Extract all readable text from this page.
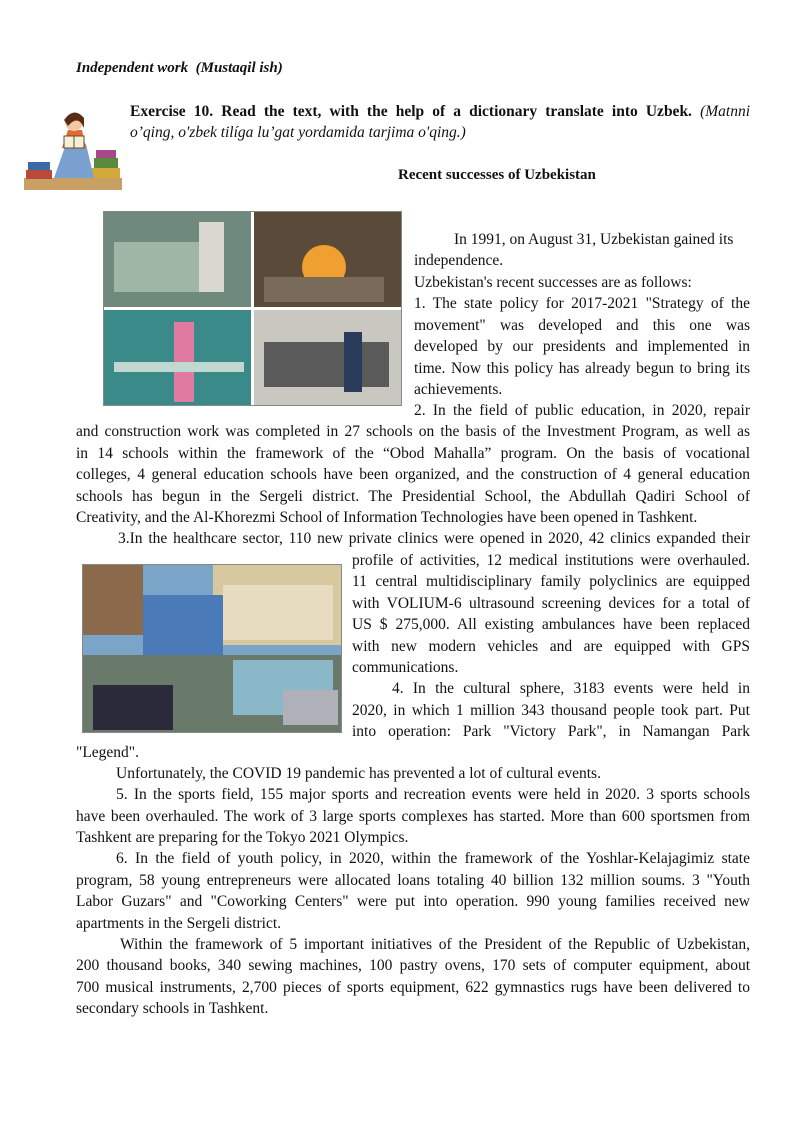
Independent work (Mustaqil ish)
Exercise 10. Read the text, with the help of a dictionary translate into Uzbek. (Matnni
o’qing, o'zbek tilíga lu’gat yordamida tarjima o'qing.)
Recent successes of Uzbekistan
In 1991, on August 31, Uzbekistan gained its
independence.
Uzbekistan's recent successes are as follows:
1. The state policy for 2017-2021 "Strategy of the
movement" was developed and this one was
developed by our presidents and implemented in
time. Now this policy has already begun to bring its
achievements.
2. In the field of public education, in 2020, repair
and construction work was completed in 27 schools on the basis of the Investment Program, as well as
in 14 schools within the framework of the “Obod Mahalla” program. On the basis of vocational
colleges, 4 general education schools have been organized, and the construction of 4 general education
schools has begun in the Sergeli district. The Presidential School, the Abdullah Qadiri School of
Creativity, and the Al-Khorezmi School of Information Technologies have been opened in Tashkent.
3.In the healthcare sector, 110 new private clinics were opened in 2020, 42 clinics expanded their
profile of activities, 12 medical institutions were overhauled.
11 central multidisciplinary family polyclinics are equipped
with VOLIUM-6 ultrasound screening devices for a total of
US $ 275,000. All existing ambulances have been replaced
with new modern vehicles and are equipped with GPS
communications.
4. In the cultural sphere, 3183 events were held in
2020, in which 1 million 343 thousand people took part. Put
into operation: Park "Victory Park", in Namangan Park
"Legend".
Unfortunately, the COVID 19 pandemic has prevented a lot of cultural events.
5. In the sports field, 155 major sports and recreation events were held in 2020. 3 sports schools
have been overhauled. The work of 3 large sports complexes has started. More than 600 sportsmen from
Tashkent are preparing for the Tokyo 2021 Olympics.
6. In the field of youth policy, in 2020, within the framework of the Yoshlar-Kelajagimiz state
program, 58 young entrepreneurs were allocated loans totaling 40 billion 132 million soums. 3 "Youth
Labor Guzars" and "Coworking Centers" were put into operation. 990 young families received new
apartments in the Sergeli district.
Within the framework of 5 important initiatives of the President of the Republic of Uzbekistan,
200 thousand books, 340 sewing machines, 100 pastry ovens, 170 sets of computer equipment, about
700 musical instruments, 2,700 pieces of sports equipment, 622 gymnastics rugs have been delivered to
secondary schools in Tashkent.
